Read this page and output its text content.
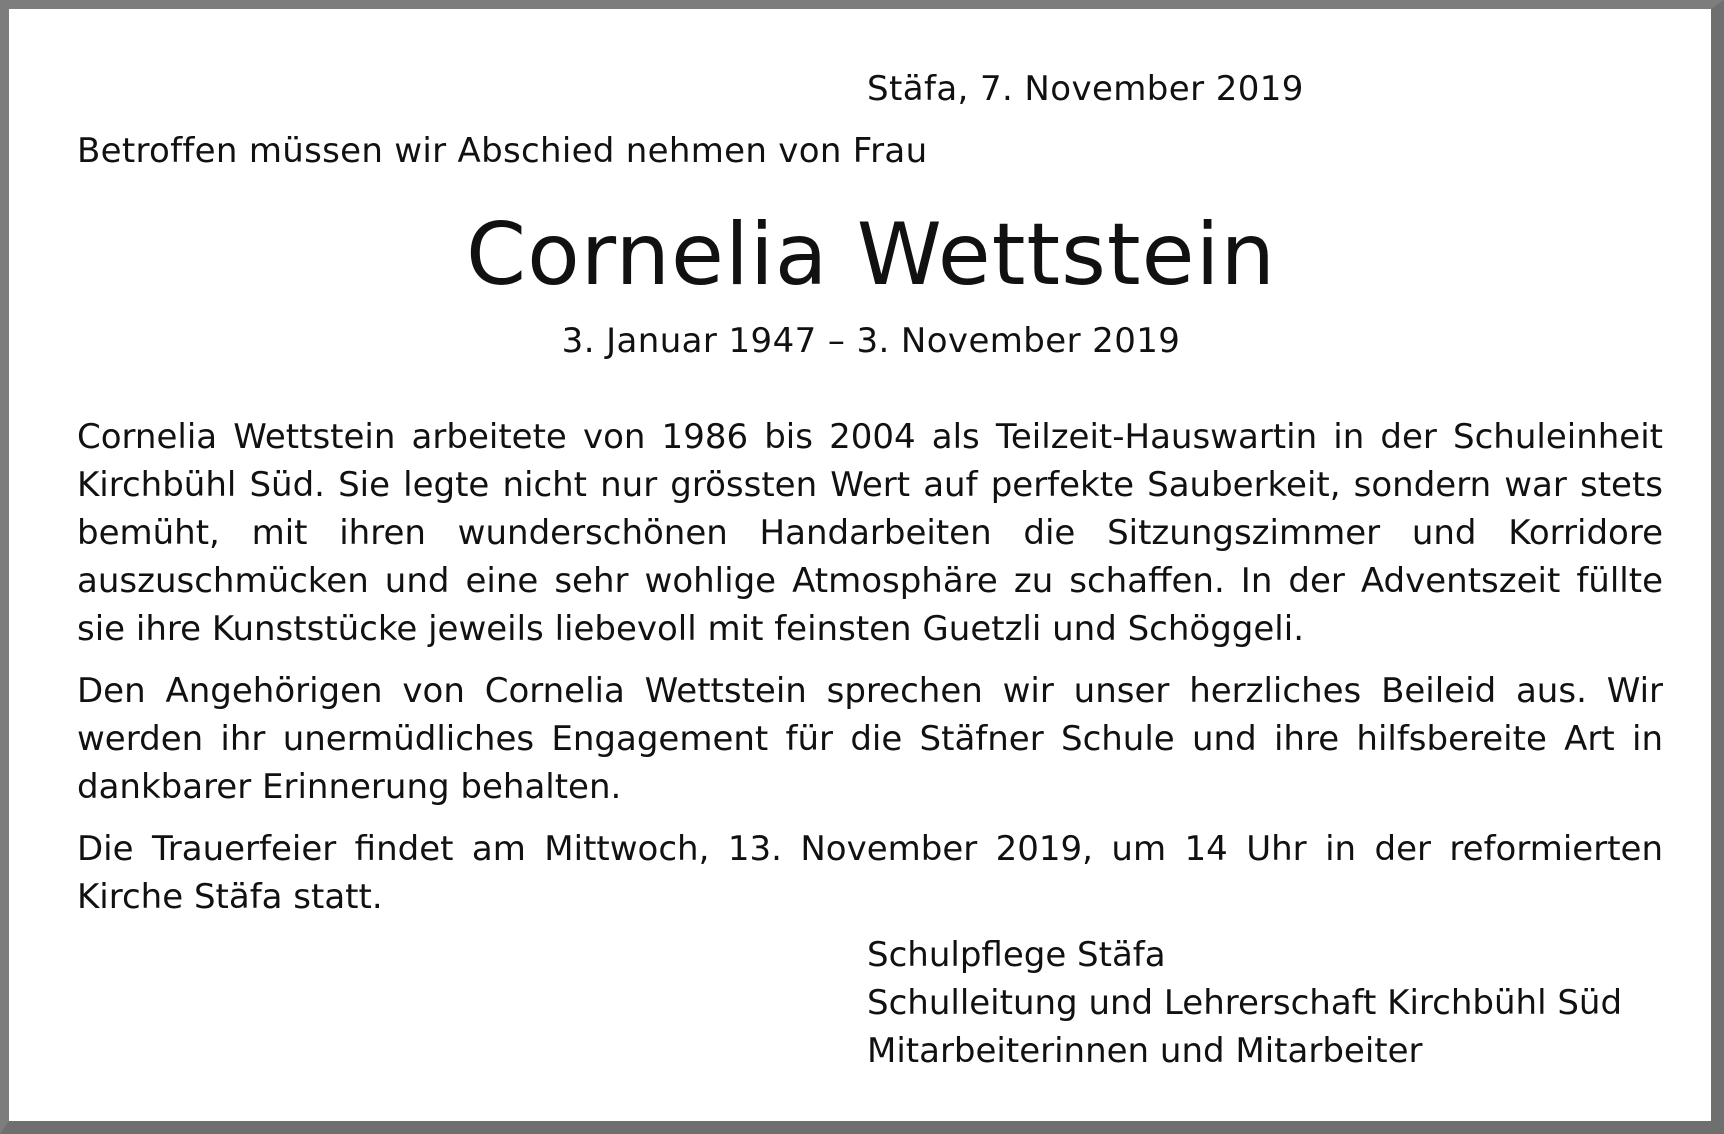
Stäfa, 7. November 2019

Betroffen müssen wir Abschied nehmen von Frau

Cornelia Wettstein

3. Januar 1947 – 3. November 2019

Cornelia Wettstein arbeitete von 1986 bis 2004 als Teilzeit-Hauswartin in der Schuleinheit Kirchbühl Süd. Sie legte nicht nur grössten Wert auf perfekte Sauberkeit, sondern war stets bemüht, mit ihren wunderschönen Handarbeiten die Sitzungszimmer und Korridore auszuschmücken und eine sehr wohlige Atmosphäre zu schaffen. In der Adventszeit füllte sie ihre Kunststücke jeweils liebevoll mit feinsten Guetzli und Schöggeli.

Den Angehörigen von Cornelia Wettstein sprechen wir unser herzliches Beileid aus. Wir werden ihr unermüdliches Engagement für die Stäfner Schule und ihre hilfsbereite Art in dankbarer Erinnerung behalten.

Die Trauerfeier findet am Mittwoch, 13. November 2019, um 14 Uhr in der reformierten Kirche Stäfa statt.

Schulpflege Stäfa
Schulleitung und Lehrerschaft Kirchbühl Süd
Mitarbeiterinnen und Mitarbeiter
